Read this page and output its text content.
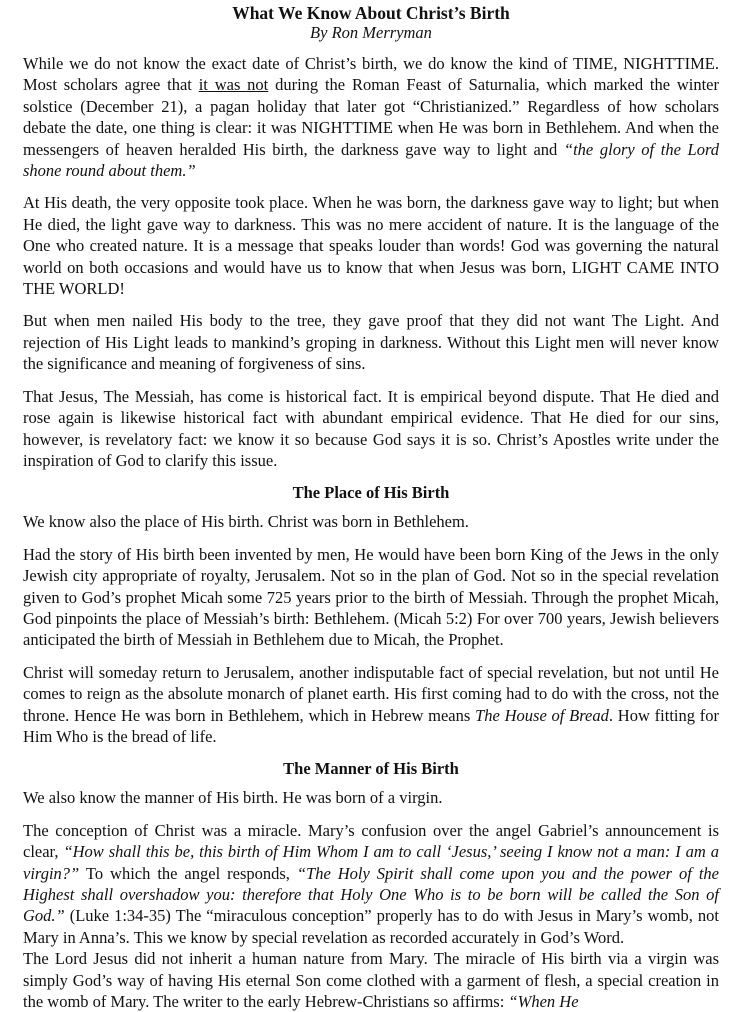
What We Know About Christ’s Birth
By Ron Merryman

While we do not know the exact date of Christ’s birth, we do know the kind of TIME, NIGHTTIME. Most scholars agree that it was not during the Roman Feast of Saturnalia, which marked the winter solstice (December 21), a pagan holiday that later got “Christianized.” Regardless of how scholars debate the date, one thing is clear: it was NIGHTTIME when He was born in Bethlehem. And when the messengers of heaven heralded His birth, the darkness gave way to light and “the glory of the Lord shone round about them.”

At His death, the very opposite took place. When he was born, the darkness gave way to light; but when He died, the light gave way to darkness. This was no mere accident of nature. It is the language of the One who created nature. It is a message that speaks louder than words! God was governing the natural world on both occasions and would have us to know that when Jesus was born, LIGHT CAME INTO THE WORLD!

But when men nailed His body to the tree, they gave proof that they did not want The Light. And rejection of His Light leads to mankind’s groping in darkness. Without this Light men will never know the significance and meaning of forgiveness of sins.

That Jesus, The Messiah, has come is historical fact. It is empirical beyond dispute. That He died and rose again is likewise historical fact with abundant empirical evidence. That He died for our sins, however, is revelatory fact: we know it so because God says it is so. Christ’s Apostles write under the inspiration of God to clarify this issue.

The Place of His Birth

We know also the place of His birth. Christ was born in Bethlehem.

Had the story of His birth been invented by men, He would have been born King of the Jews in the only Jewish city appropriate of royalty, Jerusalem. Not so in the plan of God. Not so in the special revelation given to God’s prophet Micah some 725 years prior to the birth of Messiah. Through the prophet Micah, God pinpoints the place of Messiah’s birth: Bethlehem. (Micah 5:2) For over 700 years, Jewish believers anticipated the birth of Messiah in Bethlehem due to Micah, the Prophet.

Christ will someday return to Jerusalem, another indisputable fact of special revelation, but not until He comes to reign as the absolute monarch of planet earth. His first coming had to do with the cross, not the throne. Hence He was born in Bethlehem, which in Hebrew means The House of Bread. How fitting for Him Who is the bread of life.

The Manner of His Birth

We also know the manner of His birth. He was born of a virgin.

The conception of Christ was a miracle. Mary’s confusion over the angel Gabriel’s announcement is clear, “How shall this be, this birth of Him Whom I am to call ‘Jesus,’ seeing I know not a man: I am a virgin?” To which the angel responds, “The Holy Spirit shall come upon you and the power of the Highest shall overshadow you: therefore that Holy One Who is to be born will be called the Son of God.” (Luke 1:34-35) The “miraculous conception” properly has to do with Jesus in Mary’s womb, not Mary in Anna’s. This we know by special revelation as recorded accurately in God’s Word.

The Lord Jesus did not inherit a human nature from Mary. The miracle of His birth via a virgin was simply God’s way of having His eternal Son come clothed with a garment of flesh, a special creation in the womb of Mary. The writer to the early Hebrew-Christians so affirms: “When He
